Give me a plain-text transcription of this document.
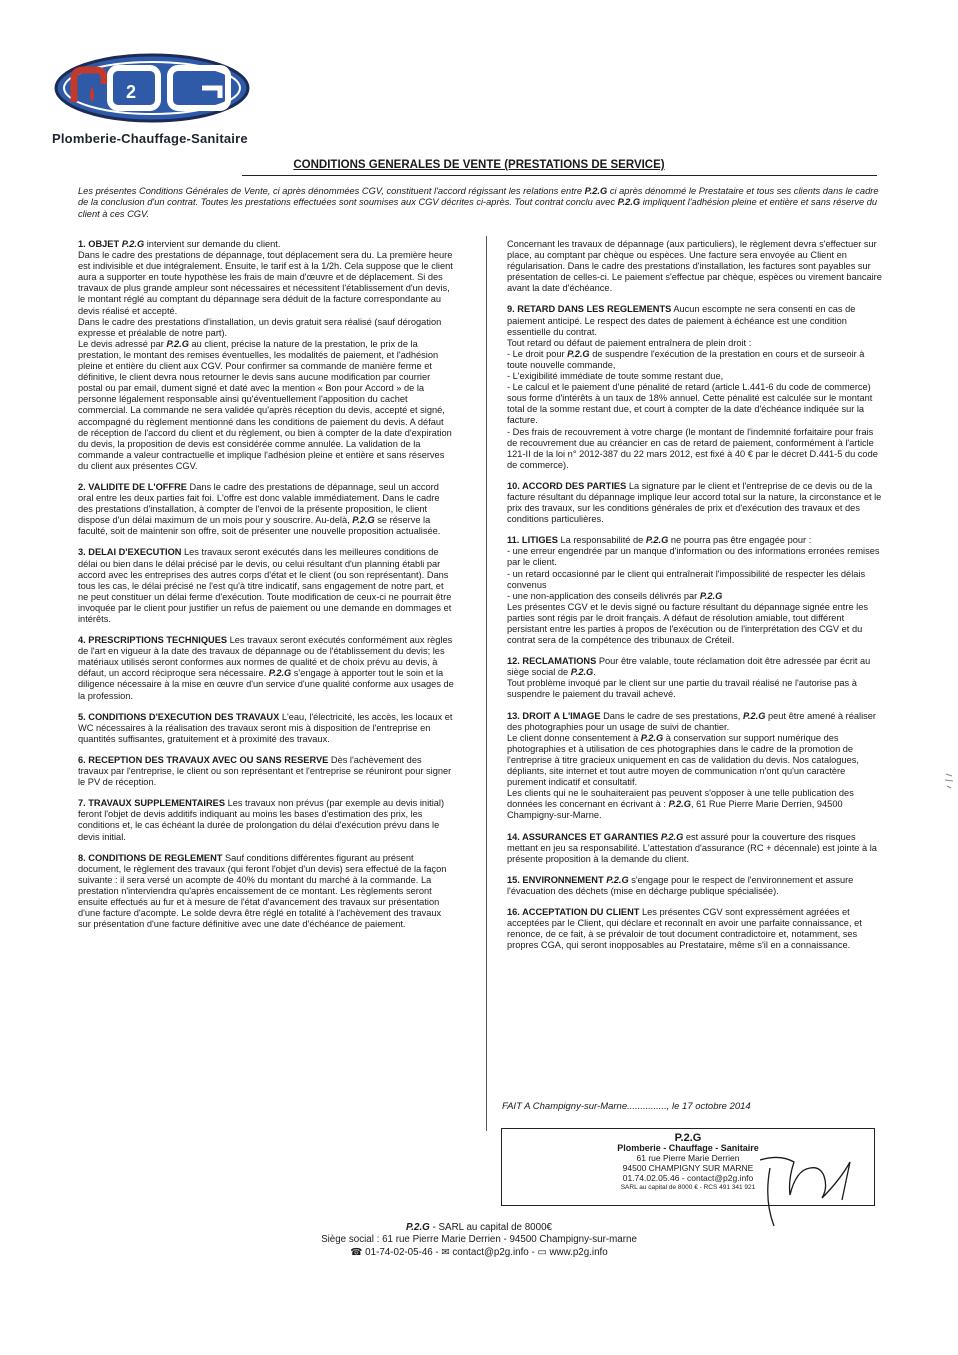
2
Plomberie-Chauffage-Sanitaire
CONDITIONS GENERALES DE VENTE (PRESTATIONS DE SERVICE)
Les présentes Conditions Générales de Vente, ci après dénommées CGV, constituent l'accord régissant les relations entre P.2.G ci après dénommé le Prestataire et tous ses clients dans le cadre de la conclusion d'un contrat. Toutes les prestations effectuées sont soumises aux CGV décrites ci-après. Tout contrat conclu avec P.2.G impliquent l'adhésion pleine et entière et sans réserve du client à ces CGV.

1. OBJET P.2.G intervient sur demande du client.

Dans le cadre des prestations de dépannage, tout déplacement sera du. La première heure est indivisible et due intégralement. Ensuite, le tarif est à la 1/2h. Cela suppose que le client aura a supporter en toute hypothèse les frais de main d'œuvre et de déplacement. Si des travaux de plus grande ampleur sont nécessaires et nécessitent l'établissement d'un devis, le montant réglé au comptant du dépannage sera déduit de la facture correspondante au devis réalisé et accepté.

Dans le cadre des prestations d'installation, un devis gratuit sera réalisé (sauf dérogation expresse et préalable de notre part).

Le devis adressé par P.2.G au client, précise la nature de la prestation, le prix de la prestation, le montant des remises éventuelles, les modalités de paiement, et l'adhésion pleine et entière du client aux CGV. Pour confirmer sa commande de manière ferme et définitive, le client devra nous retourner le devis sans aucune modification par courrier postal ou par email, dument signé et daté avec la mention « Bon pour Accord » de la personne légalement responsable ainsi qu'éventuellement l'apposition du cachet commercial. La commande ne sera validée qu'après réception du devis, accepté et signé, accompagné du règlement mentionné dans les conditions de paiement du devis. A défaut de réception de l'accord du client et du règlement, ou bien à compter de la date d'expiration du devis, la proposition de devis est considérée comme annulée. La validation de la commande a valeur contractuelle et implique l'adhésion pleine et entière et sans réserves du client aux présentes CGV.

2. VALIDITE DE L'OFFRE Dans le cadre des prestations de dépannage, seul un accord oral entre les deux parties fait foi. L'offre est donc valable immédiatement. Dans le cadre des prestations d'installation, à compter de l'envoi de la présente proposition, le client dispose d'un délai maximum de un mois pour y souscrire. Au-delà, P.2.G se réserve la faculté, soit de maintenir son offre, soit de présenter une nouvelle proposition actualisée.

3. DELAI D'EXECUTION Les travaux seront exécutés dans les meilleures conditions de délai ou bien dans le délai précisé par le devis, ou celui résultant d'un planning établi par accord avec les entreprises des autres corps d'état et le client (ou son représentant). Dans tous les cas, le délai précisé ne l'est qu'à titre indicatif, sans engagement de notre part, et ne peut constituer un délai ferme d'exécution. Toute modification de ceux-ci ne pourrait être invoquée par le client pour justifier un refus de paiement ou une demande en dommages et intérêts.

4. PRESCRIPTIONS TECHNIQUES Les travaux seront exécutés conformément aux règles de l'art en vigueur à la date des travaux de dépannage ou de l'établissement du devis; les matériaux utilisés seront conformes aux normes de qualité et de choix prévu au devis, à défaut, un accord réciproque sera nécessaire. P.2.G s'engage à apporter tout le soin et la diligence nécessaire à la mise en œuvre d'un service d'une qualité conforme aux usages de la profession.

5. CONDITIONS D'EXECUTION DES TRAVAUX L'eau, l'électricité, les accès, les locaux et WC nécessaires à la réalisation des travaux seront mis à disposition de l'entreprise en quantités suffisantes, gratuitement et à proximité des travaux.

6. RECEPTION DES TRAVAUX AVEC OU SANS RESERVE Dès l'achèvement des travaux par l'entreprise, le client ou son représentant et l'entreprise se réuniront pour signer le PV de réception.

7. TRAVAUX SUPPLEMENTAIRES Les travaux non prévus (par exemple au devis initial) feront l'objet de devis additifs indiquant au moins les bases d'estimation des prix, les conditions et, le cas échéant la durée de prolongation du délai d'exécution prévu dans le devis initial.

8. CONDITIONS DE REGLEMENT Sauf conditions différentes figurant au présent document, le règlement des travaux (qui feront l'objet d'un devis) sera effectué de la façon suivante : il sera versé un acompte de 40% du montant du marché à la commande. La prestation n'interviendra qu'après encaissement de ce montant. Les règlements seront ensuite effectués au fur et à mesure de l'état d'avancement des travaux sur présentation d'une facture d'acompte. Le solde devra être réglé en totalité à l'achèvement des travaux sur présentation d'une facture définitive avec une date d'échéance de paiement.

Concernant les travaux de dépannage (aux particuliers), le règlement devra s'effectuer sur place, au comptant par chèque ou espèces. Une facture sera envoyée au Client en régularisation. Dans le cadre des prestations d'installation, les factures sont payables sur présentation de celles-ci. Le paiement s'effectue par chèque, espèces ou virement bancaire avant la date d'échéance.

9. RETARD DANS LES REGLEMENTS Aucun escompte ne sera consenti en cas de paiement anticipé. Le respect des dates de paiement à échéance est une condition essentielle du contrat.

Tout retard ou défaut de paiement entraînera de plein droit :

- Le droit pour P.2.G de suspendre l'exécution de la prestation en cours et de surseoir à toute nouvelle commande,

- L'exigibilité immédiate de toute somme restant due,

- Le calcul et le paiement d'une pénalité de retard (article L.441-6 du code de commerce) sous forme d'intérêts à un taux de 18% annuel. Cette pénalité est calculée sur le montant total de la somme restant due, et court à compter de la date d'échéance indiquée sur la facture.

- Des frais de recouvrement à votre charge (le montant de l'indemnité forfaitaire pour frais de recouvrement due au créancier en cas de retard de paiement, conformément à l'article 121-II de la loi n° 2012-387 du 22 mars 2012, est fixé à 40 € par le décret D.441-5 du code de commerce).

10. ACCORD DES PARTIES La signature par le client et l'entreprise de ce devis ou de la facture résultant du dépannage implique leur accord total sur la nature, la circonstance et le prix des travaux, sur les conditions générales de prix et d'exécution des travaux et des conditions particulières.

11. LITIGES La responsabilité de P.2.G ne pourra pas être engagée pour :

- une erreur engendrée par un manque d'information ou des informations erronées remises par le client.

- un retard occasionné par le client qui entraînerait l'impossibilité de respecter les délais convenus

- une non-application des conseils délivrés par P.2.G

Les présentes CGV et le devis signé ou facture résultant du dépannage signée entre les parties sont régis par le droit français. A défaut de résolution amiable, tout différent persistant entre les parties à propos de l'exécution ou de l'interprétation des CGV et du contrat sera de la compétence des tribunaux de Créteil.

12. RECLAMATIONS Pour être valable, toute réclamation doit être adressée par écrit au siège social de P.2.G.

Tout problème invoqué par le client sur une partie du travail réalisé ne l'autorise pas à suspendre le paiement du travail achevé.

13. DROIT A L'IMAGE Dans le cadre de ses prestations, P.2.G peut être amené à réaliser des photographies pour un usage de suivi de chantier.

Le client donne consentement à P.2.G à conservation sur support numérique des photographies et à utilisation de ces photographies dans le cadre de la promotion de l'entreprise à titre gracieux uniquement en cas de validation du devis. Nos catalogues, dépliants, site internet et tout autre moyen de communication n'ont qu'un caractère purement indicatif et consultatif.

Les clients qui ne le souhaiteraient pas peuvent s'opposer à une telle publication des données les concernant en écrivant à : P.2.G, 61 Rue Pierre Marie Derrien, 94500 Champigny-sur-Marne.

14. ASSURANCES ET GARANTIES P.2.G est assuré pour la couverture des risques mettant en jeu sa responsabilité. L'attestation d'assurance (RC + décennale) est jointe à la présente proposition à la demande du client.

15. ENVIRONNEMENT P.2.G s'engage pour le respect de l'environnement et assure l'évacuation des déchets (mise en décharge publique spécialisée).

16. ACCEPTATION DU CLIENT Les présentes CGV sont expressément agréées et acceptées par le Client, qui déclare et reconnaît en avoir une parfaite connaissance, et renonce, de ce fait, à se prévaloir de tout document contradictoire et, notamment, ses propres CGA, qui seront inopposables au Prestataire, même s'il en a connaissance.

FAIT A Champigny-sur-Marne..............., le 17 octobre 2014
P.2.G
Plomberie - Chauffage - Sanitaire
61 rue Pierre Marie Derrien
94500 CHAMPIGNY SUR MARNE
01.74.02.05.46 - contact@p2g.info
SARL au capital de 8000 € - RCS 491 341 921
P.2.G - SARL au capital de 8000€
Siège social : 61 rue Pierre Marie Derrien - 94500 Champigny-sur-marne
☎ 01-74-02-05-46 - ✉ contact@p2g.info - ▭ www.p2g.info
